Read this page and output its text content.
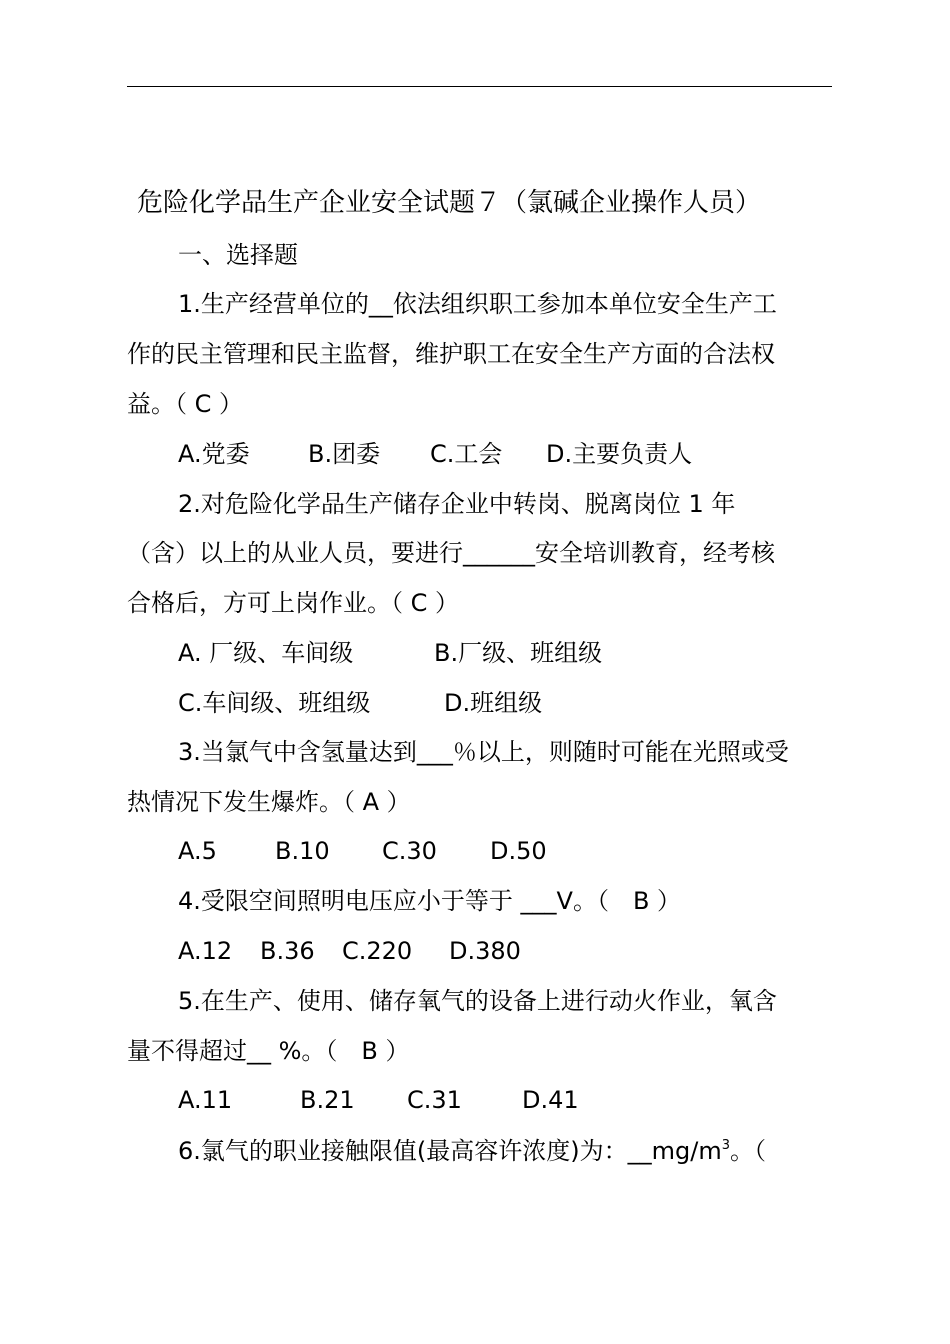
危险化学品生产企业安全试题７（氯碱企业操作人员）
一、选择题
1.生产经营单位的__依法组织职工参加本单位安全生产工
作的民主管理和民主监督，维护职工在安全生产方面的合法权
益。（ C ）
A.党委 B.团委 C.工会 D.主要负责人
2.对危险化学品生产储存企业中转岗、脱离岗位 1 年
（含）以上的从业人员，要进行______安全培训教育，经考核
合格后，方可上岗作业。（ C ）
A. 厂级、车间级	B.厂级、班组级
C.车间级、班组级	D.班组级
3.当氯气中含氢量达到___％以上，则随时可能在光照或受
热情况下发生爆炸。（ A ）
A.5 B.10 C.30 D.50
4.受限空间照明电压应小于等于 ___V。（　B ）
A.12 B.36 C.220 D.380
5.在生产、使用、储存氧气的设备上进行动火作业，氧含
量不得超过__ %。（　B ）
A.11	B.21 C.31	D.41
6.氯气的职业接触限值(最高容许浓度)为：$\_\_mg/m^3$。（
